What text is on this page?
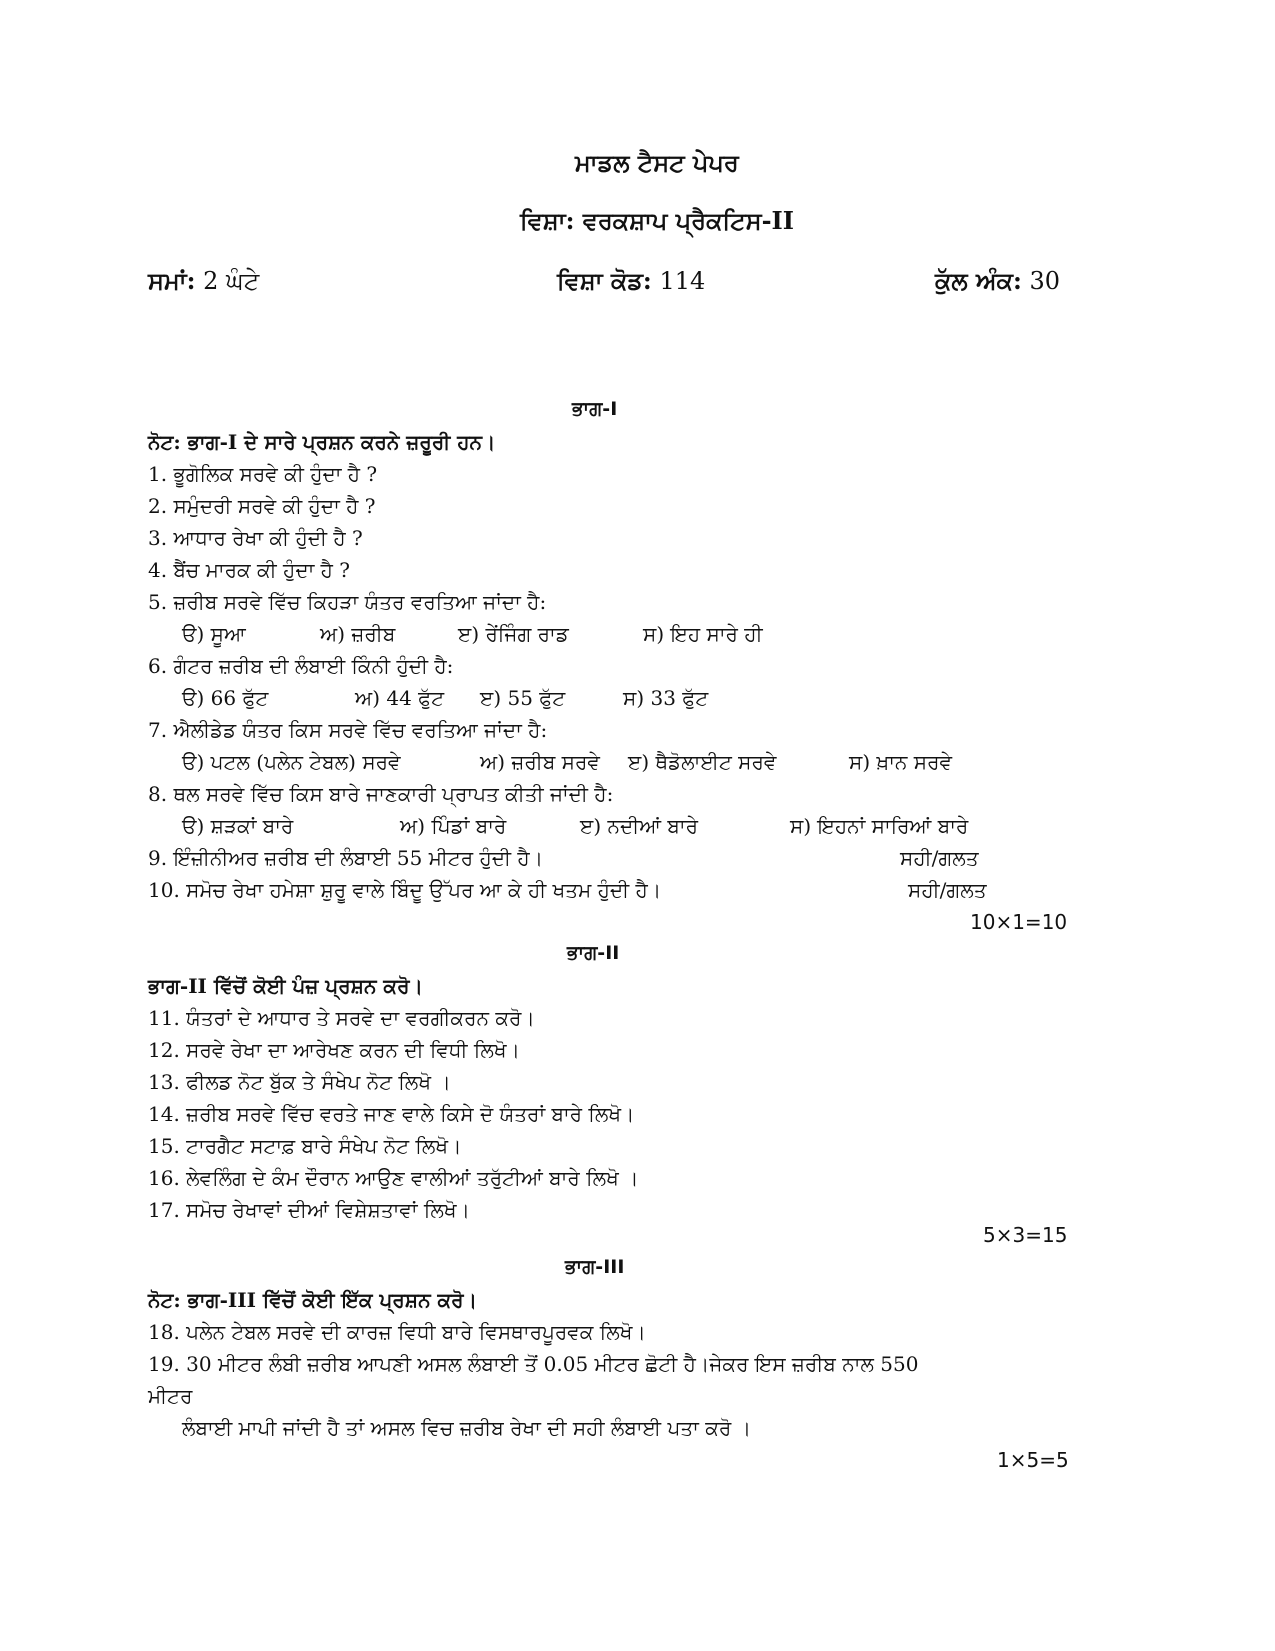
ਮਾਡਲ ਟੈਸਟ ਪੇਪਰ
ਵਿਸ਼ਾ: ਵਰਕਸ਼ਾਪ ਪ੍ਰੈਕਟਿਸ-II
ਸਮਾਂ: 2 ਘੰਟੇ	ਵਿਸ਼ਾ ਕੋਡ: 114	ਕੁੱਲ ਅੰਕ: 30
ਭਾਗ-I
ਨੋਟ: ਭਾਗ-I ਦੇ ਸਾਰੇ ਪ੍ਰਸ਼ਨ ਕਰਨੇ ਜ਼ਰੂਰੀ ਹਨ।
1. ਭੂਗੋਲਿਕ ਸਰਵੇ ਕੀ ਹੁੰਦਾ ਹੈ ?
2. ਸਮੁੰਦਰੀ ਸਰਵੇ ਕੀ ਹੁੰਦਾ ਹੈ ?
3. ਆਧਾਰ ਰੇਖਾ ਕੀ ਹੁੰਦੀ ਹੈ ?
4. ਬੈਂਚ ਮਾਰਕ ਕੀ ਹੁੰਦਾ ਹੈ ?
5. ਜ਼ਰੀਬ ਸਰਵੇ ਵਿੱਚ ਕਿਹੜਾ ਯੰਤਰ ਵਰਤਿਆ ਜਾਂਦਾ ਹੈ:
ੳ) ਸੂਆ	ਅ) ਜ਼ਰੀਬ	ੲ) ਰੇਂਜਿੰਗ ਰਾਡ	ਸ) ਇਹ ਸਾਰੇ ਹੀ
6. ਗੰਟਰ ਜ਼ਰੀਬ ਦੀ ਲੰਬਾਈ ਕਿੰਨੀ ਹੁੰਦੀ ਹੈ:
ੳ) 66 ਫੁੱਟ	ਅ) 44 ਫੁੱਟ ੲ) 55 ਫੁੱਟ	ਸ) 33 ਫੁੱਟ
7. ਐਲੀਡੇਡ ਯੰਤਰ ਕਿਸ ਸਰਵੇ ਵਿੱਚ ਵਰਤਿਆ ਜਾਂਦਾ ਹੈ:
ੳ) ਪਟਲ (ਪਲੇਨ ਟੇਬਲ) ਸਰਵੇ	ਅ) ਜ਼ਰੀਬ ਸਰਵੇ ੲ) ਥੈਡੋਲਾਈਟ ਸਰਵੇ	ਸ) ਖ਼ਾਨ ਸਰਵੇ
8. ਥਲ ਸਰਵੇ ਵਿੱਚ ਕਿਸ ਬਾਰੇ ਜਾਣਕਾਰੀ ਪ੍ਰਾਪਤ ਕੀਤੀ ਜਾਂਦੀ ਹੈ:
ੳ) ਸ਼ੜਕਾਂ ਬਾਰੇ	ਅ) ਪਿੰਡਾਂ ਬਾਰੇ	ੲ) ਨਦੀਆਂ ਬਾਰੇ	ਸ) ਇਹਨਾਂ ਸਾਰਿਆਂ ਬਾਰੇ
9. ਇੰਜ਼ੀਨੀਅਰ ਜ਼ਰੀਬ ਦੀ ਲੰਬਾਈ 55 ਮੀਟਰ ਹੁੰਦੀ ਹੈ।	ਸਹੀ/ਗਲਤ
10. ਸਮੋਚ ਰੇਖਾ ਹਮੇਸ਼ਾ ਸ਼ੁਰੂ ਵਾਲੇ ਬਿੰਦੂ ਉੱਪਰ ਆ ਕੇ ਹੀ ਖਤਮ ਹੁੰਦੀ ਹੈ।	ਸਹੀ/ਗਲਤ
10×1=10
ਭਾਗ-II
ਭਾਗ-II ਵਿੱਚੋਂ ਕੋਈ ਪੰਜ਼ ਪ੍ਰਸ਼ਨ ਕਰੋ।
11. ਯੰਤਰਾਂ ਦੇ ਆਧਾਰ ਤੇ ਸਰਵੇ ਦਾ ਵਰਗੀਕਰਨ ਕਰੋ।
12. ਸਰਵੇ ਰੇਖਾ ਦਾ ਆਰੇਖਣ ਕਰਨ ਦੀ ਵਿਧੀ ਲਿਖੋ।
13. ਫੀਲਡ ਨੋਟ ਬੁੱਕ ਤੇ ਸੰਖੇਪ ਨੋਟ ਲਿਖੋ ।
14. ਜ਼ਰੀਬ ਸਰਵੇ ਵਿੱਚ ਵਰਤੇ ਜਾਣ ਵਾਲੇ ਕਿਸੇ ਦੋ ਯੰਤਰਾਂ ਬਾਰੇ ਲਿਖੋ।
15. ਟਾਰਗੈਟ ਸਟਾਫ਼ ਬਾਰੇ ਸੰਖੇਪ ਨੋਟ ਲਿਖੋ।
16. ਲੇਵਲਿੰਗ ਦੇ ਕੰਮ ਦੌਰਾਨ ਆਉਣ ਵਾਲੀਆਂ ਤਰੁੱਟੀਆਂ ਬਾਰੇ ਲਿਖੋ ।
17. ਸਮੋਚ ਰੇਖਾਵਾਂ ਦੀਆਂ ਵਿਸ਼ੇਸ਼ਤਾਵਾਂ ਲਿਖੋ।
5×3=15
ਭਾਗ-III
ਨੋਟ: ਭਾਗ-III ਵਿੱਚੋਂ ਕੋਈ ਇੱਕ ਪ੍ਰਸ਼ਨ ਕਰੋ।
18. ਪਲੇਨ ਟੇਬਲ ਸਰਵੇ ਦੀ ਕਾਰਜ਼ ਵਿਧੀ ਬਾਰੇ ਵਿਸਥਾਰਪੂਰਵਕ ਲਿਖੋ।
19. 30 ਮੀਟਰ ਲੰਬੀ ਜ਼ਰੀਬ ਆਪਣੀ ਅਸਲ ਲੰਬਾਈ ਤੋਂ 0.05 ਮੀਟਰ ਛੋਟੀ ਹੈ।ਜੇਕਰ ਇਸ ਜ਼ਰੀਬ ਨਾਲ 550
ਮੀਟਰ
ਲੰਬਾਈ ਮਾਪੀ ਜਾਂਦੀ ਹੈ ਤਾਂ ਅਸਲ ਵਿਚ ਜ਼ਰੀਬ ਰੇਖਾ ਦੀ ਸਹੀ ਲੰਬਾਈ ਪਤਾ ਕਰੋ ।
1×5=5
